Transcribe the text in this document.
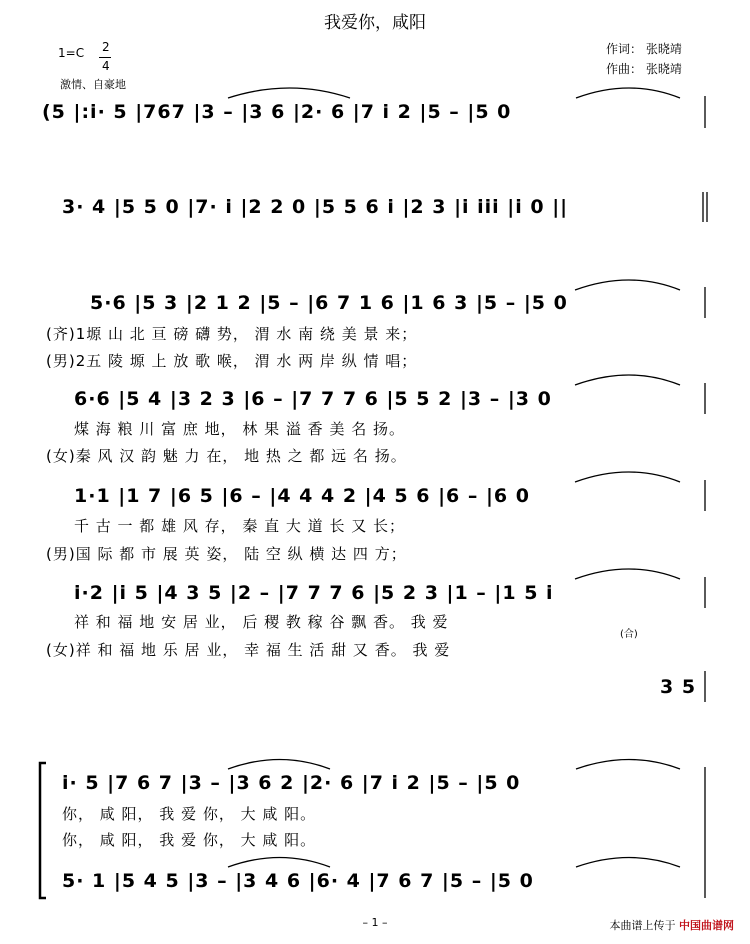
我爱你，咸阳
1=C 2
4
激情、自豪地
作词： 张晓靖
作曲： 张晓靖
(5 |:i· 5 |767 |3 – |3 6 |2· 6 |7 i 2 |5 – |5 0
3· 4 |5 5 0 |7· i |2 2 0 |5 5 6 i |2 3 |i iii |i 0 ||
5·6 |5 3 |2 1 2 |5 – |6 7 1 6 |1 6 3 |5 – |5 0
(齐)1塬 山 北 亘 磅 礴 势， 渭 水 南 绕 美 景 来；
(男)2五 陵 塬 上 放 歌 喉， 渭 水 两 岸 纵 情 唱；
6·6 |5 4 |3 2 3 |6 – |7 7 7 6 |5 5 2 |3 – |3 0
煤 海 粮 川 富 庶 地， 林 果 溢 香 美 名 扬。
(女)秦 风 汉 韵 魅 力 在， 地 热 之 都 远 名 扬。
1·1 |1 7 |6 5 |6 – |4 4 4 2 |4 5 6 |6 – |6 0
千 古 一 都 雄 风 存， 秦 直 大 道 长 又 长；
(男)国 际 都 市 展 英 姿， 陆 空 纵 横 达 四 方；
i·2 |i 5 |4 3 5 |2 – |7 7 7 6 |5 2 3 |1 – |1 5 i
祥 和 福 地 安 居 业， 后 稷 教 稼 谷 飘 香。 我 爱
(合)
(女)祥 和 福 地 乐 居 业， 幸 福 生 活 甜 又 香。 我 爱
3 5
i· 5 |7 6 7 |3 – |3 6 2 |2· 6 |7 i 2 |5 – |5 0
你， 咸 阳， 我 爱 你， 大 咸 阳。
你， 咸 阳， 我 爱 你， 大 咸 阳。
5· 1 |5 4 5 |3 – |3 4 6 |6· 4 |7 6 7 |5 – |5 0
– 1 –	本曲谱上传于 中国曲谱网
